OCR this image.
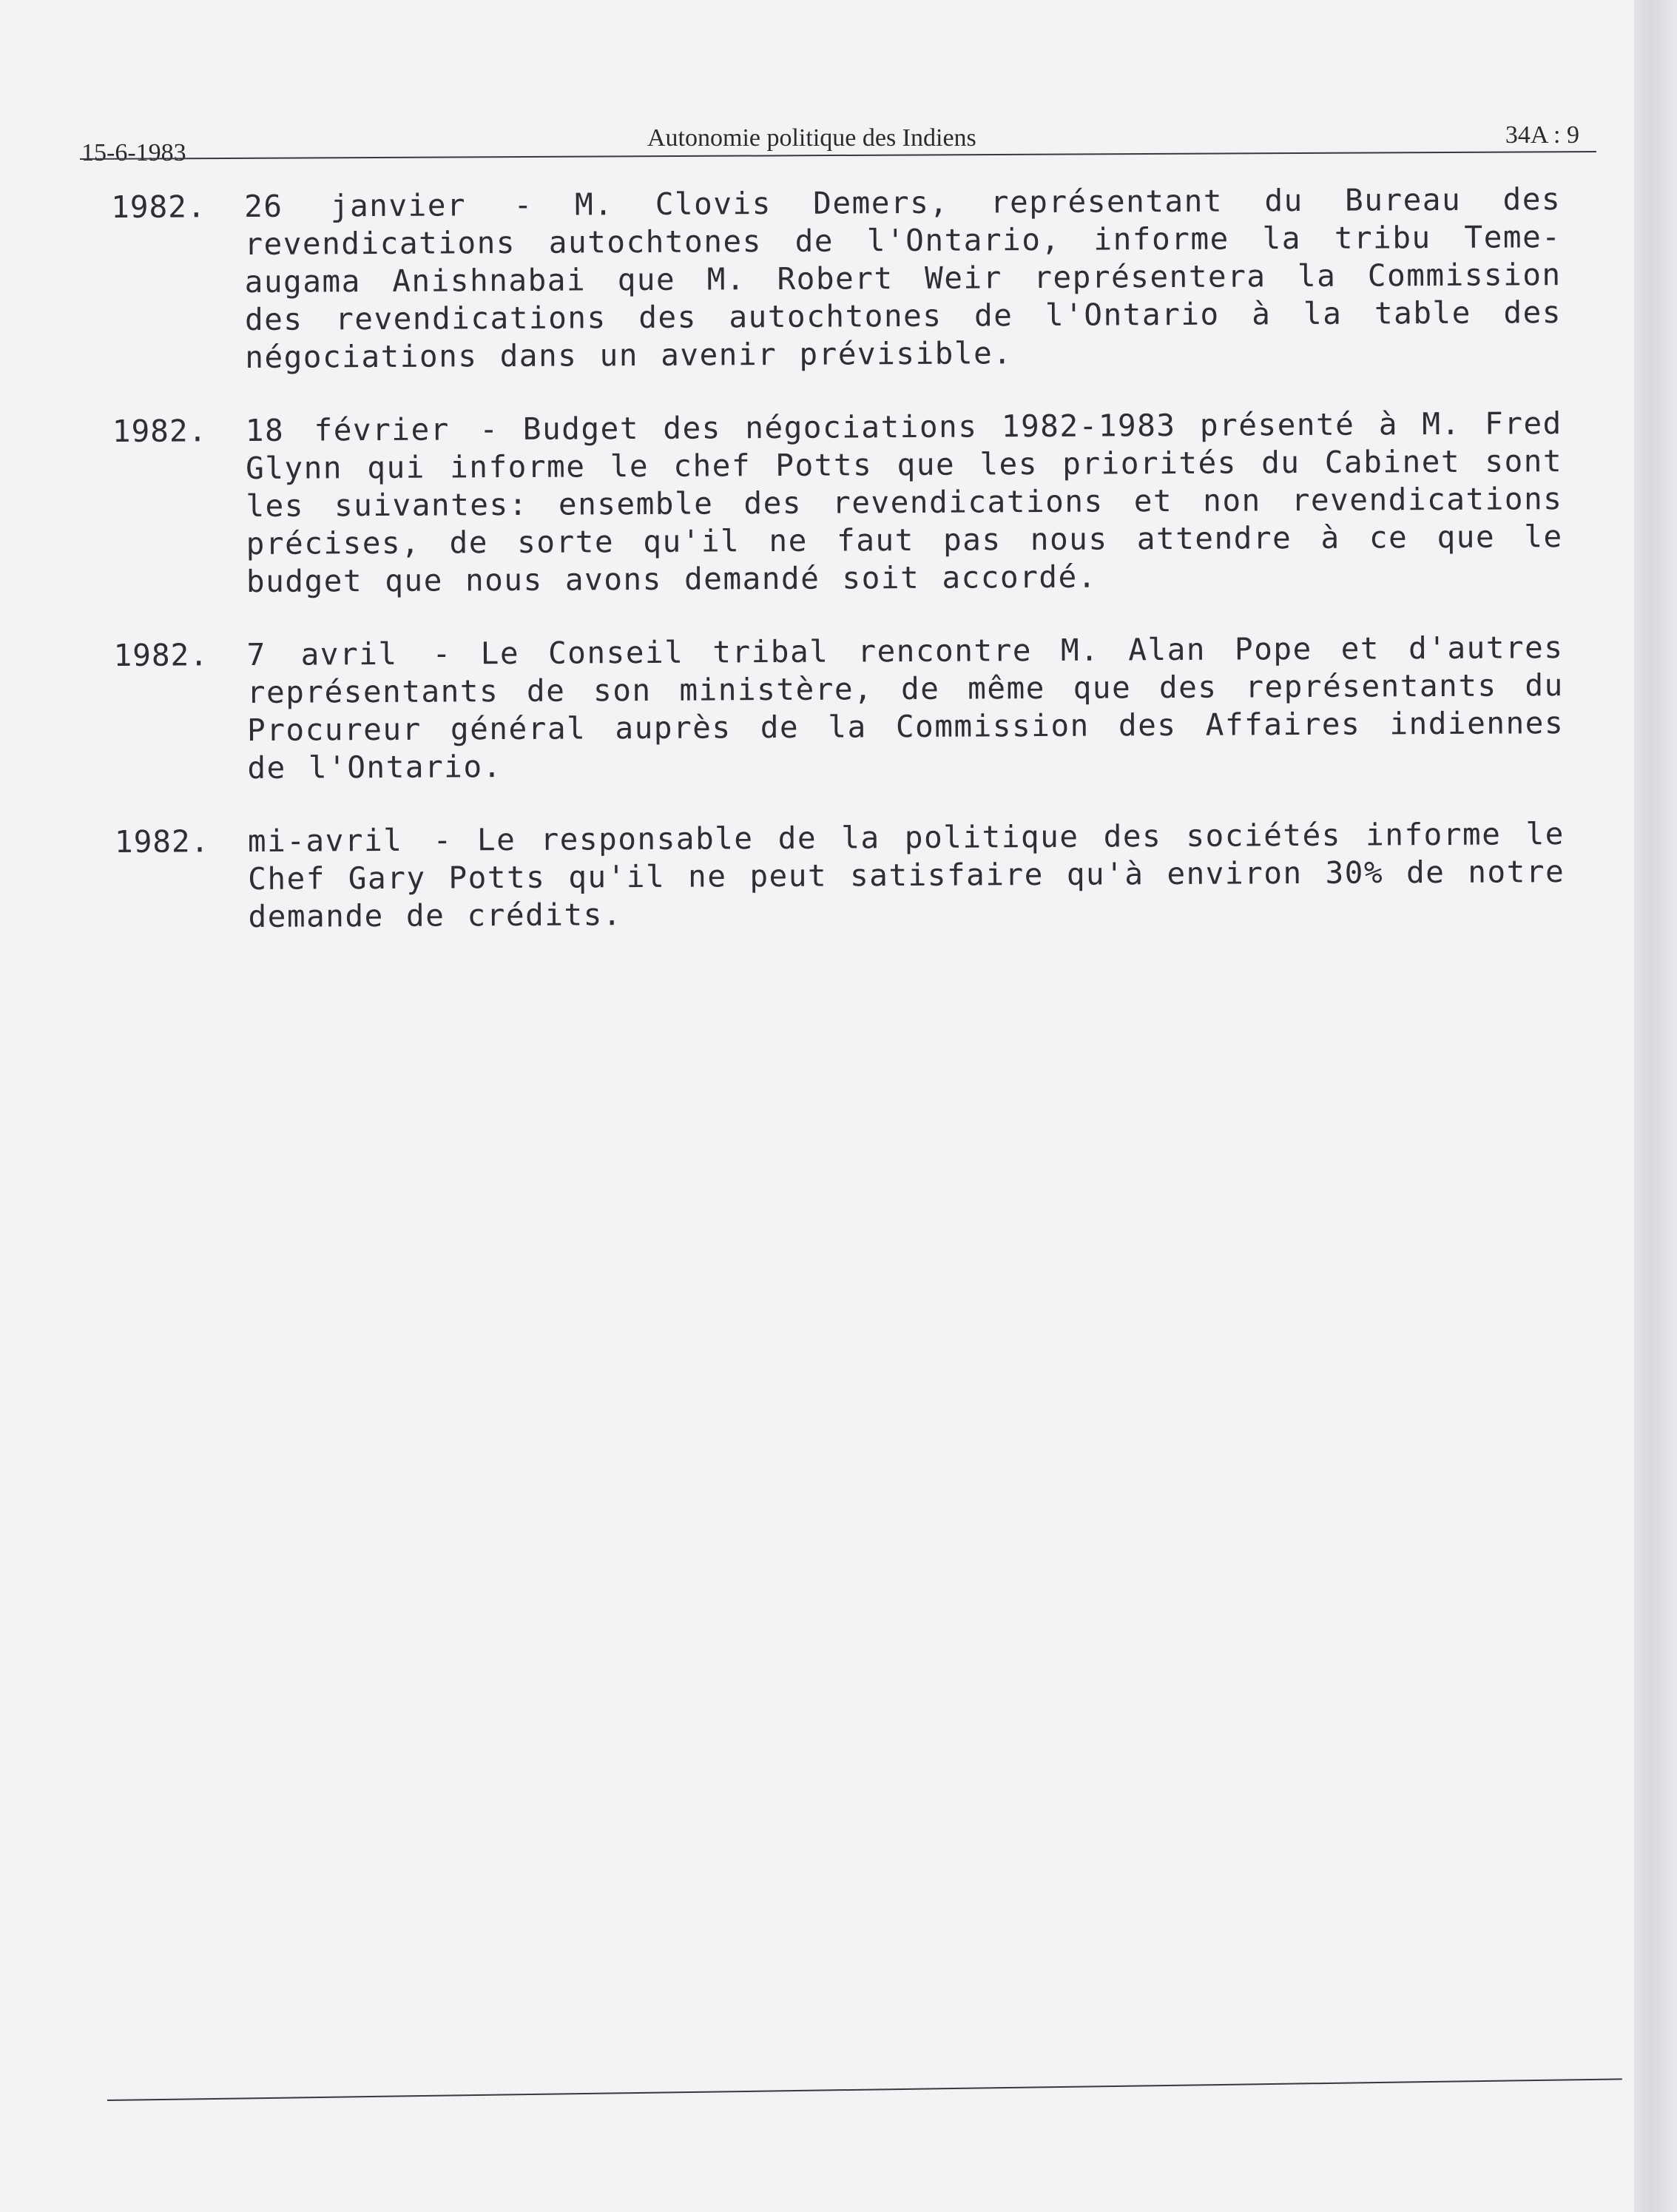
15-6-1983
Autonomie politique des Indiens	34A : 9
1982.	26 janvier - M. Clovis Demers, représentant du Bureau des revendications autochtones de l'Ontario, informe la tribu Teme-augama Anishnabai que M. Robert Weir représentera la Commission des revendications des autochtones de l'Ontario à la table des négociations dans un avenir prévisible.
1982.	18 février - Budget des négociations 1982-1983 présenté à M. Fred Glynn qui informe le chef Potts que les priorités du Cabinet sont les suivantes: ensemble des revendications et non revendications précises, de sorte qu'il ne faut pas nous attendre à ce que le budget que nous avons demandé soit accordé.
1982.	7 avril - Le Conseil tribal rencontre M. Alan Pope et d'autres représentants de son ministère, de même que des représentants du Procureur général auprès de la Commission des Affaires indiennes de l'Ontario.
1982.	mi-avril - Le responsable de la politique des sociétés informe le Chef Gary Potts qu'il ne peut satisfaire qu'à environ 30% de notre demande de crédits.
